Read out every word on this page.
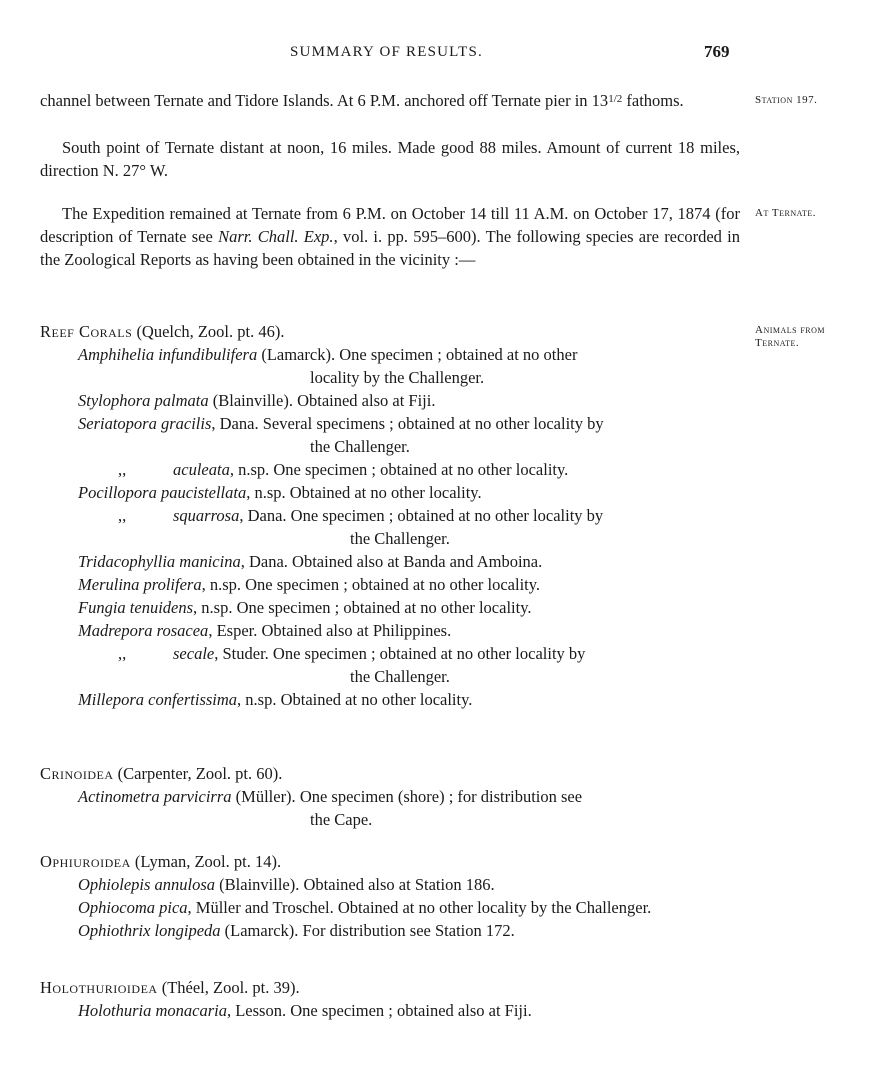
SUMMARY OF RESULTS.	769
channel between Ternate and Tidore Islands. At 6 P.M. anchored off Ternate pier in $13^{1/2}$ fathoms.	Station 197.
South point of Ternate distant at noon, 16 miles. Made good 88 miles. Amount of current 18 miles, direction N. 27° W.
The Expedition remained at Ternate from 6 P.M. on October 14 till 11 A.M. on October 17, 1874 (for description of Ternate see Narr. Chall. Exp., vol. i. pp. 595–600). The following species are recorded in the Zoological Reports as having been obtained in the vicinity :—
At Ternate.
Reef Corals (Quelch, Zool. pt. 46).
Amphihelia infundibulifera (Lamarck). One specimen ; obtained at no other
locality by the Challenger.
Stylophora palmata (Blainville). Obtained also at Fiji.
Seriatopora gracilis, Dana. Several specimens ; obtained at no other locality by
the Challenger.
,,	aculeata, n.sp. One specimen ; obtained at no other locality.
Pocillopora paucistellata, n.sp. Obtained at no other locality.
,,	squarrosa, Dana. One specimen ; obtained at no other locality by
the Challenger.
Tridacophyllia manicina, Dana. Obtained also at Banda and Amboina.
Merulina prolifera, n.sp. One specimen ; obtained at no other locality.
Fungia tenuidens, n.sp. One specimen ; obtained at no other locality.
Madrepora rosacea, Esper. Obtained also at Philippines.
,,	secale, Studer. One specimen ; obtained at no other locality by
the Challenger.
Millepora confertissima, n.sp. Obtained at no other locality.
Animals from
Ternate.
Crinoidea (Carpenter, Zool. pt. 60).
Actinometra parvicirra (Müller). One specimen (shore) ; for distribution see
the Cape.
Ophiuroidea (Lyman, Zool. pt. 14).
Ophiolepis annulosa (Blainville). Obtained also at Station 186.
Ophiocoma pica, Müller and Troschel. Obtained at no other locality by the Challenger.
Ophiothrix longipeda (Lamarck). For distribution see Station 172.
Holothurioidea (Théel, Zool. pt. 39).
Holothuria monacaria, Lesson. One specimen ; obtained also at Fiji.
